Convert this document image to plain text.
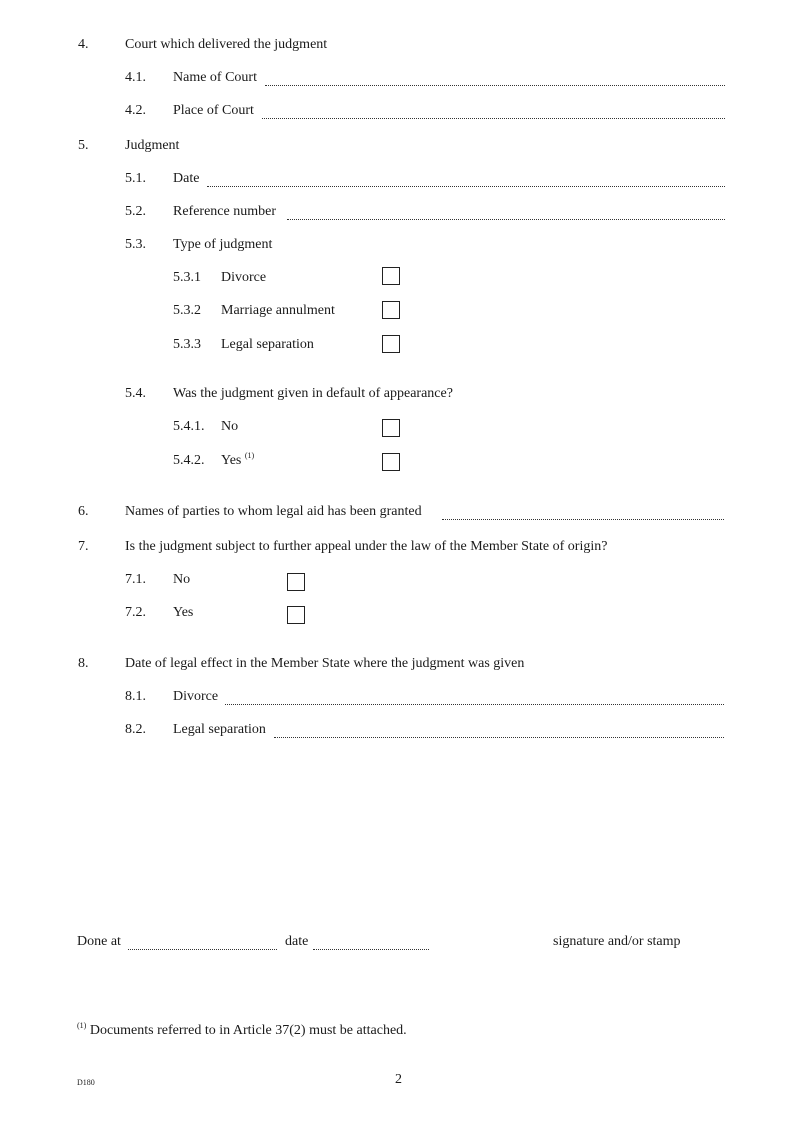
4.	Court which delivered the judgment
4.1. Name of Court
4.2. Place of Court
5.	Judgment
5.1. Date
5.2. Reference number
5.3. Type of judgment
5.3.1 Divorce
5.3.2 Marriage annulment
5.3.3 Legal separation
5.4. Was the judgment given in default of appearance?
5.4.1. No
5.4.2. Yes $^{(1)}$
6.	Names of parties to whom legal aid has been granted
7.	Is the judgment subject to further appeal under the law of the Member State of origin?
7.1. No
7.2. Yes
8.	Date of legal effect in the Member State where the judgment was given
8.1. Divorce
8.2. Legal separation
Done at	date	signature and/or stamp
$^{(1)}$ Documents referred to in Article 37(2) must be attached.
D180	2
